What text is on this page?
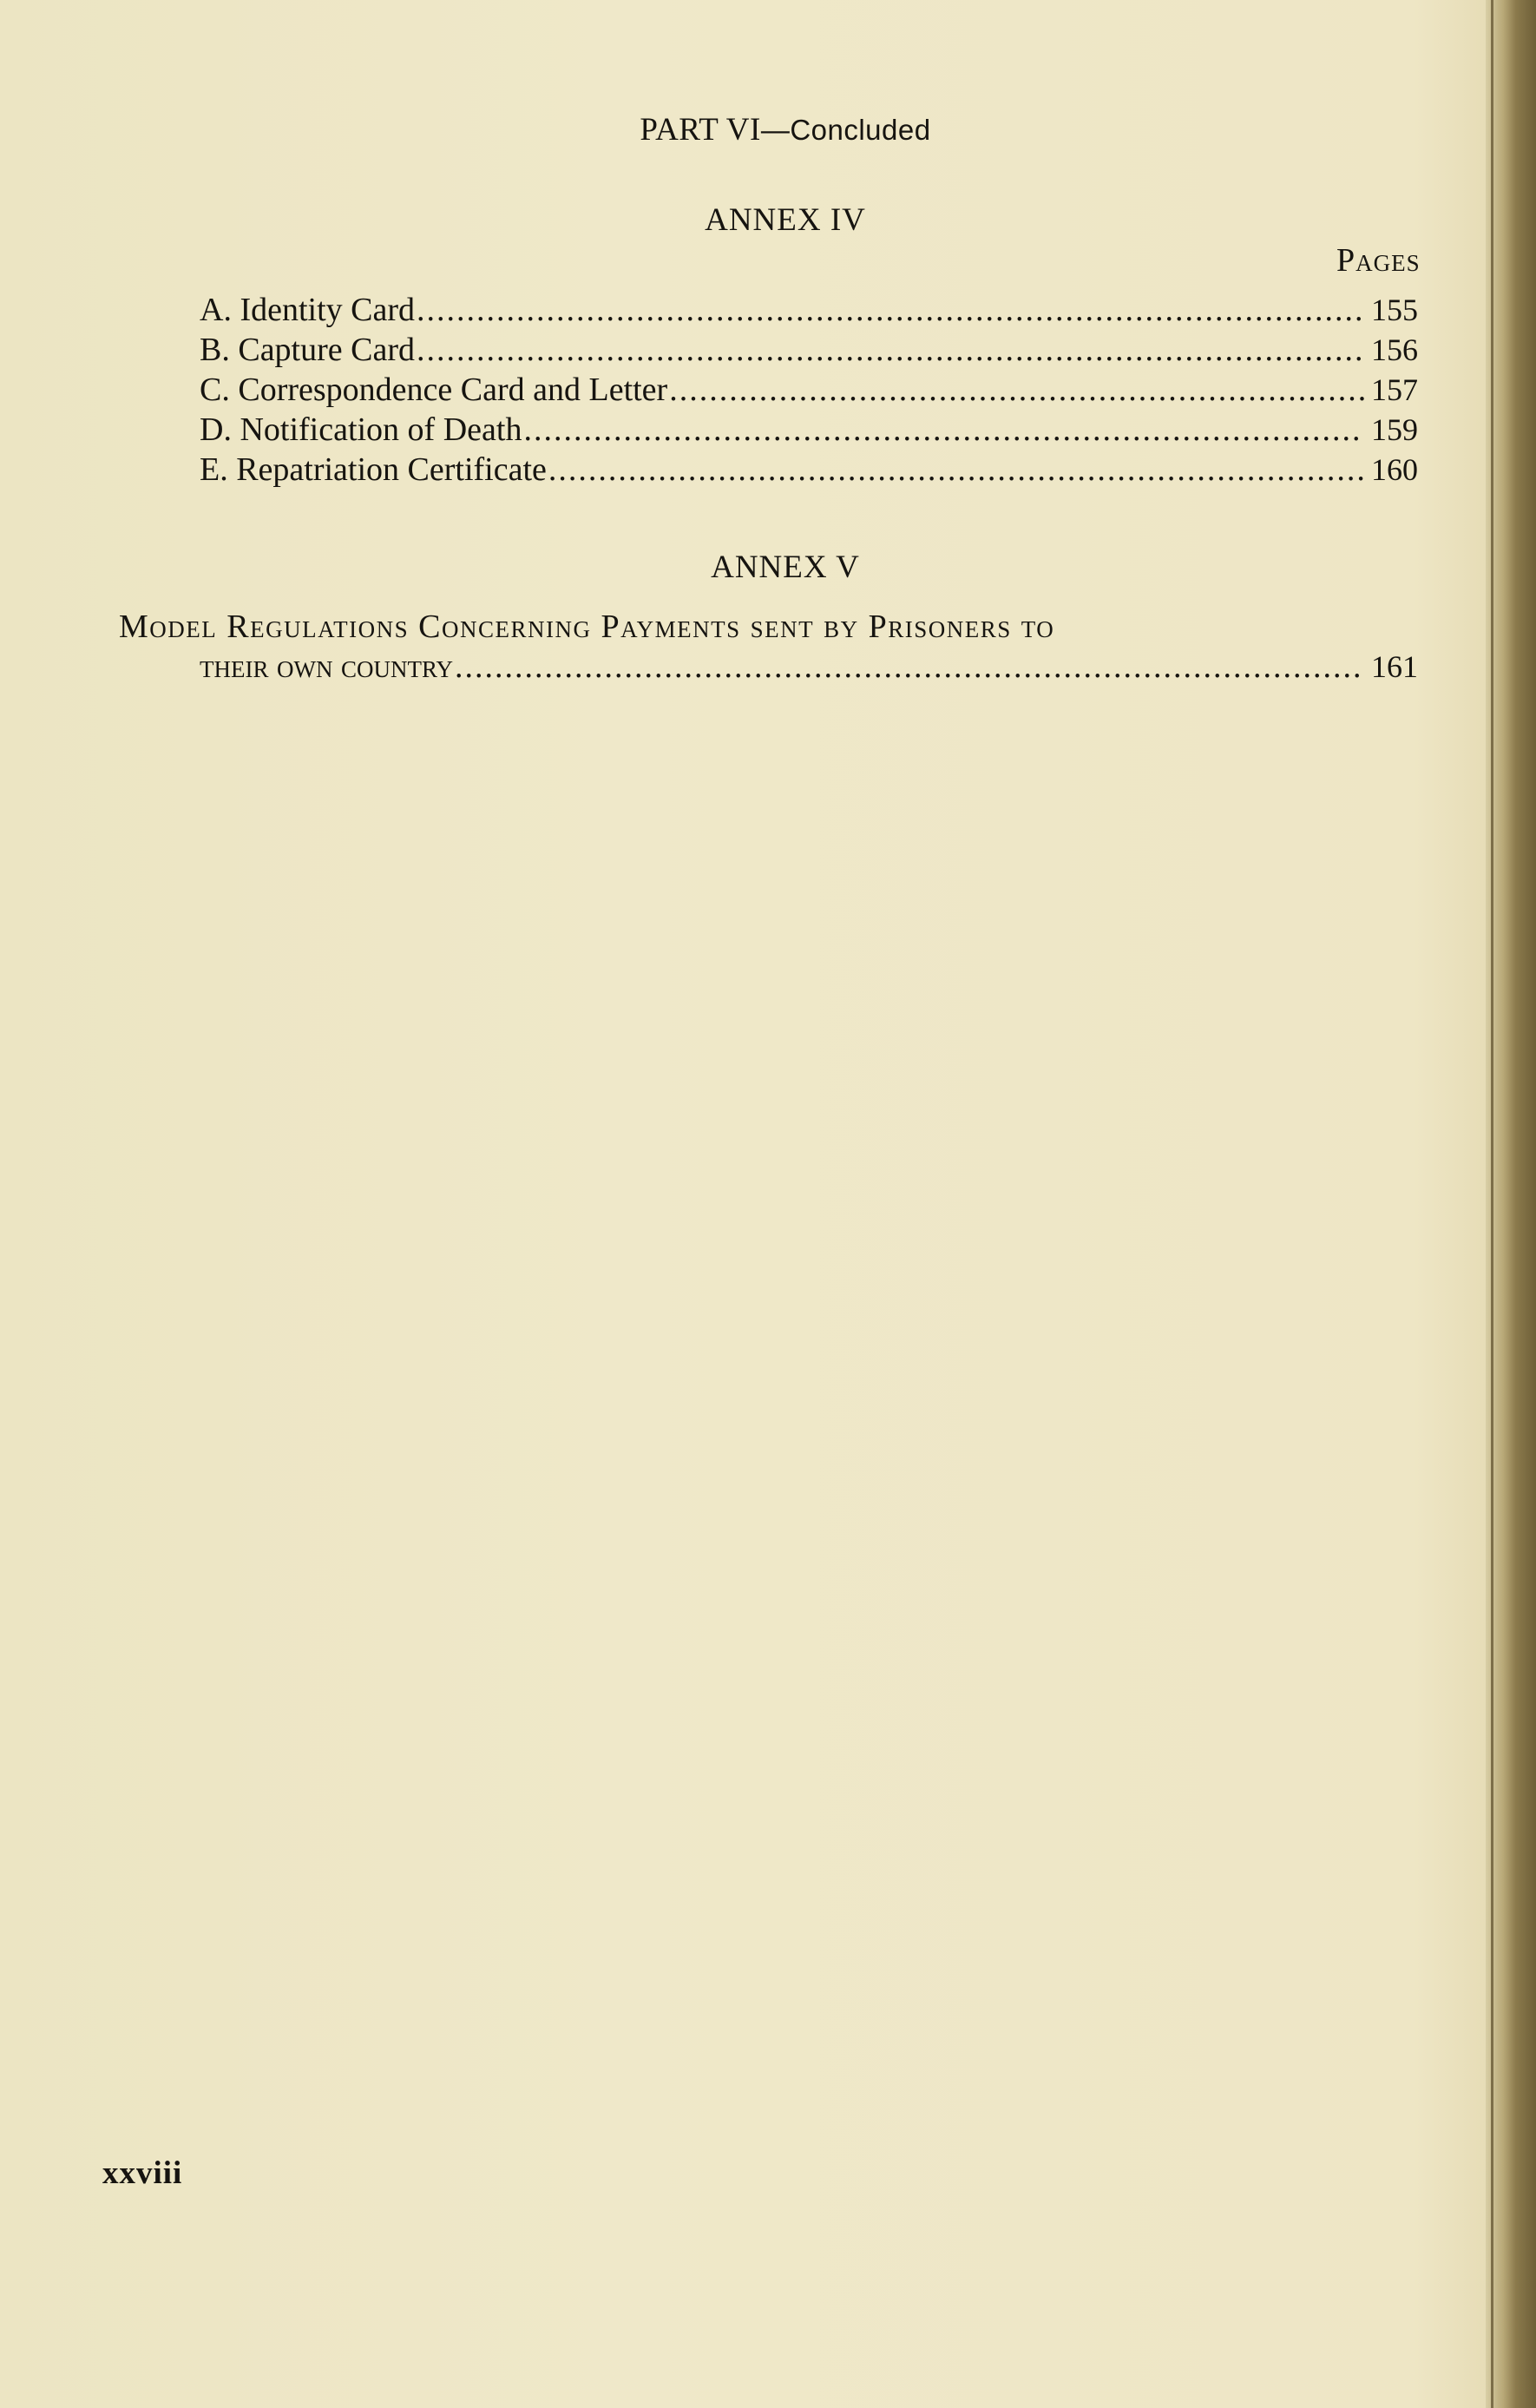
PART VI—Concluded
ANNEX IV
Pages
A. Identity Card .....	155
B. Capture Card .....	156
C. Correspondence Card and Letter .....	157
D. Notification of Death .....	159
E. Repatriation Certificate .....	160
ANNEX V
Model Regulations Concerning Payments sent by Prisoners to
their own country .....	161
xxviii
